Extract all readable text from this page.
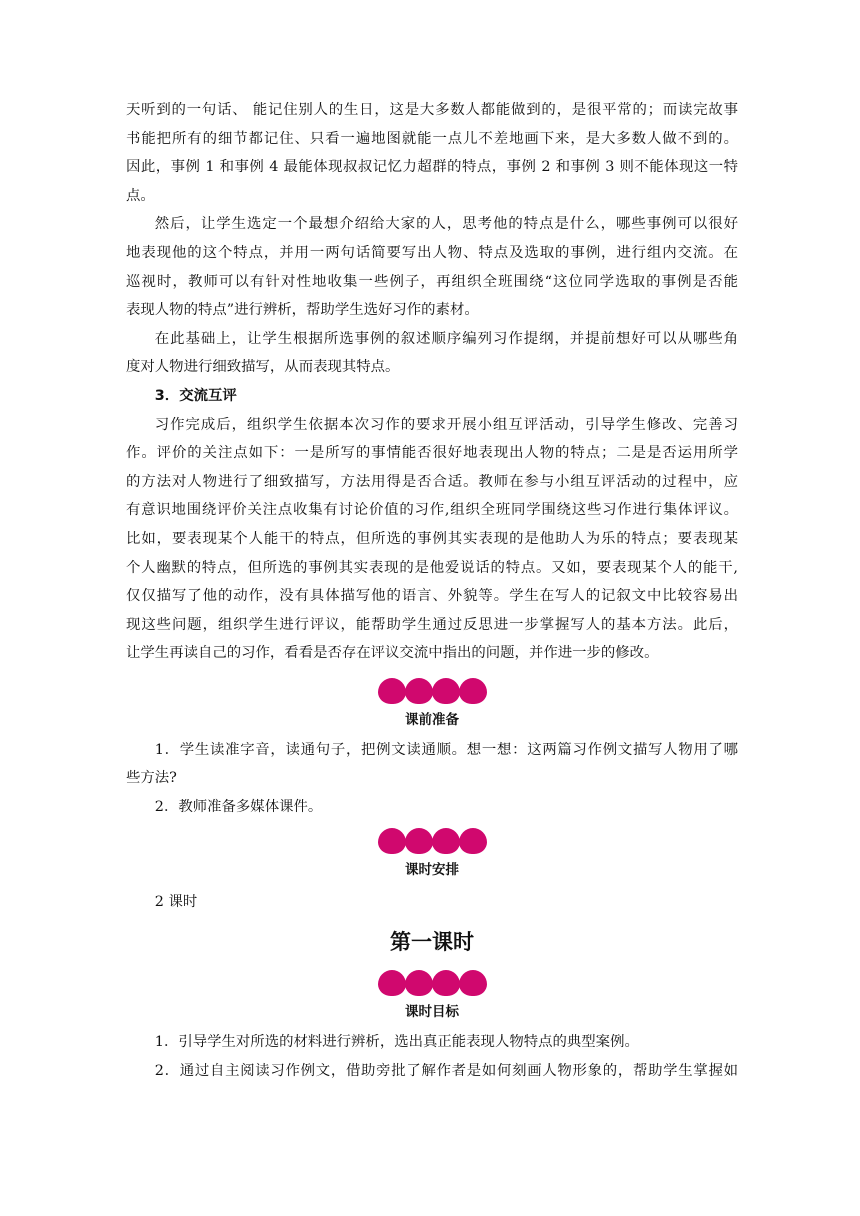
天听到的一句话、 能记住别人的生日，这是大多数人都能做到的，是很平常的；而读完故事
书能把所有的细节都记住、只看一遍地图就能一点儿不差地画下来，是大多数人做不到的。
因此，事例 1 和事例 4 最能体现叔叔记忆力超群的特点，事例 2 和事例 3 则不能体现这一特
点。

然后，让学生选定一个最想介绍给大家的人，思考他的特点是什么，哪些事例可以很好
地表现他的这个特点，并用一两句话简要写出人物、特点及选取的事例，进行组内交流。在
巡视时，教师可以有针对性地收集一些例子，再组织全班围绕“这位同学选取的事例是否能
表现人物的特点”进行辨析，帮助学生选好习作的素材。

在此基础上，让学生根据所选事例的叙述顺序编列习作提纲，并提前想好可以从哪些角
度对人物进行细致描写，从而表现其特点。

3．交流互评

习作完成后，组织学生依据本次习作的要求开展小组互评活动，引导学生修改、完善习
作。评价的关注点如下：一是所写的事情能否很好地表现出人物的特点；二是是否运用所学
的方法对人物进行了细致描写，方法用得是否合适。教师在参与小组互评活动的过程中，应
有意识地围绕评价关注点收集有讨论价值的习作,组织全班同学围绕这些习作进行集体评议。
比如，要表现某个人能干的特点，但所选的事例其实表现的是他助人为乐的特点；要表现某
个人幽默的特点，但所选的事例其实表现的是他爱说话的特点。又如，要表现某个人的能干,
仅仅描写了他的动作，没有具体描写他的语言、外貌等。学生在写人的记叙文中比较容易出
现这些问题，组织学生进行评议，能帮助学生通过反思进一步掌握写人的基本方法。此后，
让学生再读自己的习作，看看是否存在评议交流中指出的问题，并作进一步的修改。

课前准备

1．学生读准字音，读通句子，把例文读通顺。想一想：这两篇习作例文描写人物用了哪
些方法?

2．教师准备多媒体课件。

课时安排

2 课时

第一课时

课时目标

1．引导学生对所选的材料进行辨析，选出真正能表现人物特点的典型案例。

2．通过自主阅读习作例文，借助旁批了解作者是如何刻画人物形象的，帮助学生掌握如
